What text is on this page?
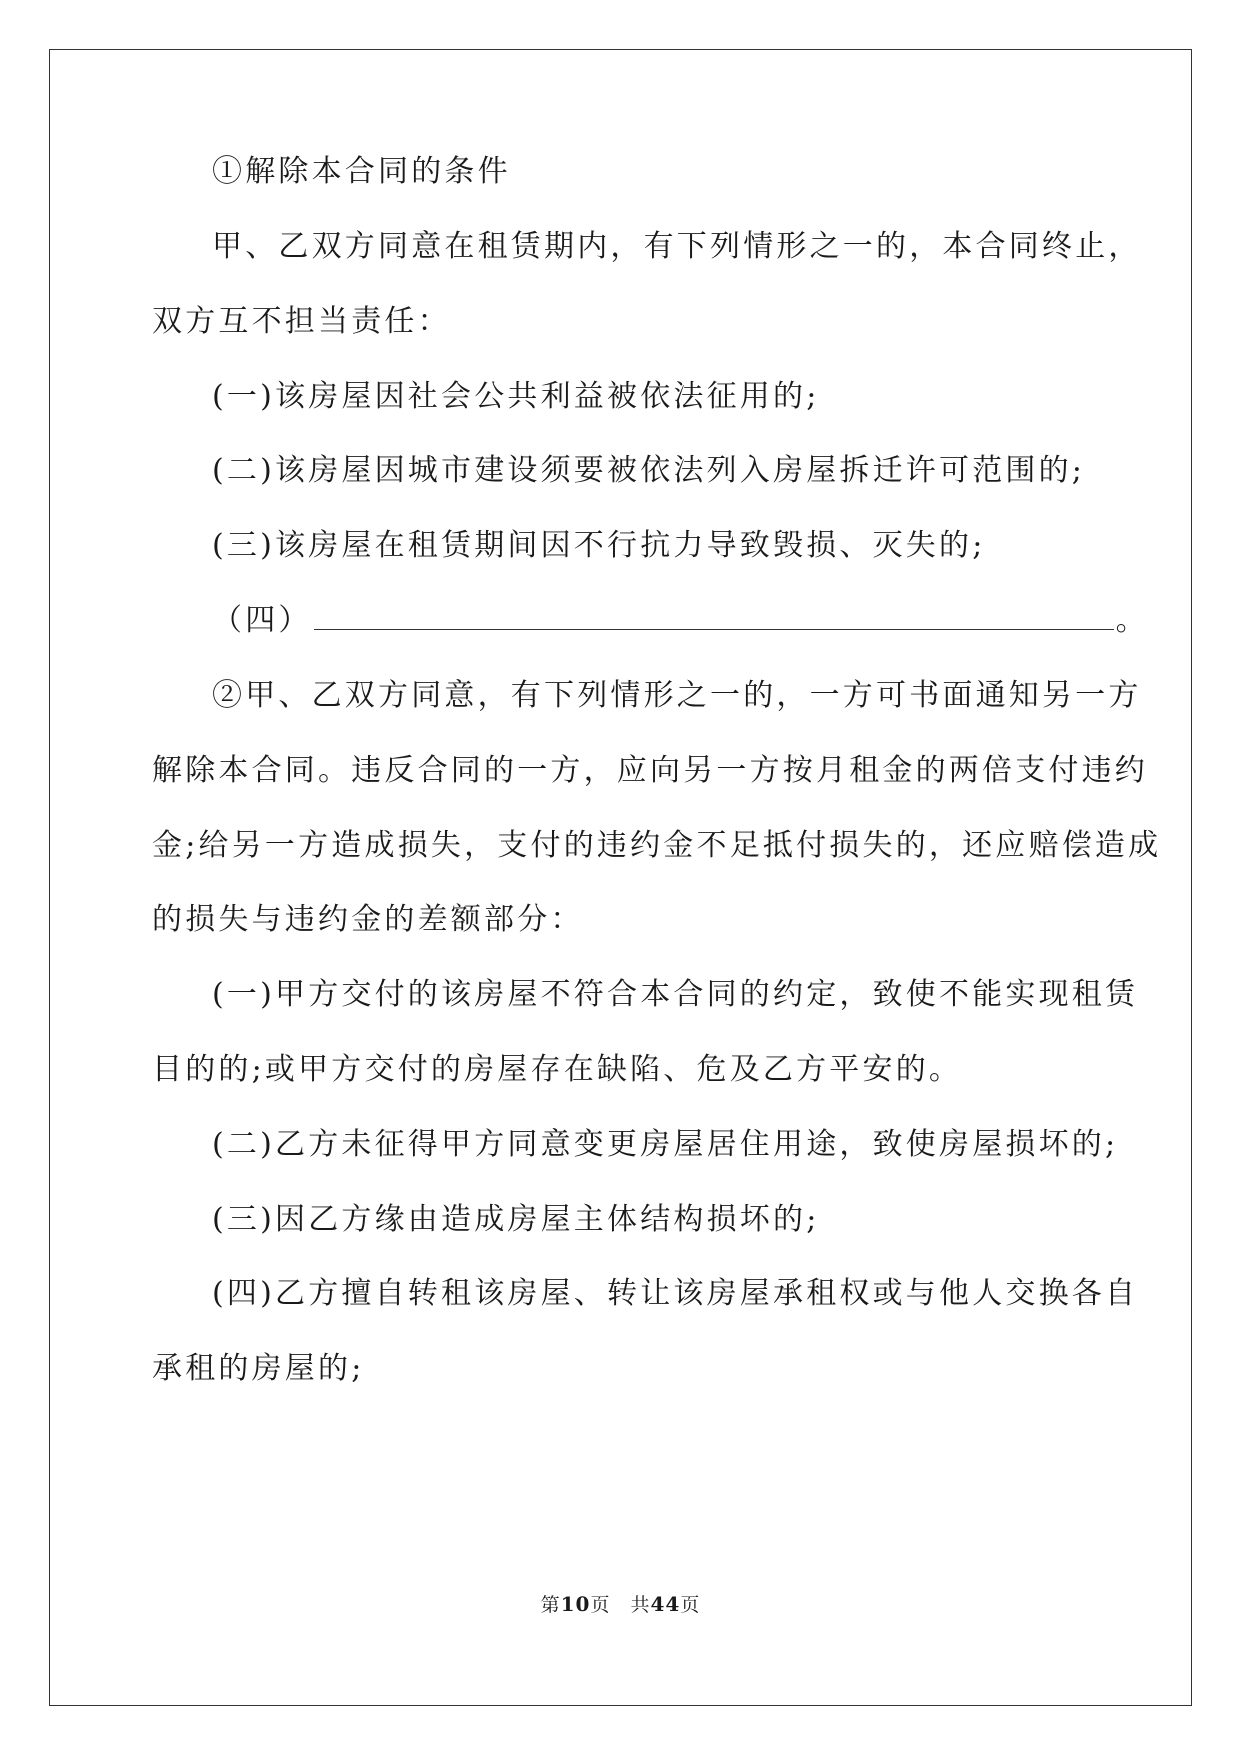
①解除本合同的条件
甲、乙双方同意在租赁期内，有下列情形之一的，本合同终止，
双方互不担当责任：
(一)该房屋因社会公共利益被依法征用的;
(二)该房屋因城市建设须要被依法列入房屋拆迁许可范围的;
(三)该房屋在租赁期间因不行抗力导致毁损、灭失的;
（四）	。
②甲、乙双方同意，有下列情形之一的，一方可书面通知另一方
解除本合同。违反合同的一方，应向另一方按月租金的两倍支付违约
金;给另一方造成损失，支付的违约金不足抵付损失的，还应赔偿造成
的损失与违约金的差额部分：
(一)甲方交付的该房屋不符合本合同的约定，致使不能实现租赁
目的的;或甲方交付的房屋存在缺陷、危及乙方平安的。
(二)乙方未征得甲方同意变更房屋居住用途，致使房屋损坏的;
(三)因乙方缘由造成房屋主体结构损坏的;
(四)乙方擅自转租该房屋、转让该房屋承租权或与他人交换各自
承租的房屋的;
第10页　共44页
